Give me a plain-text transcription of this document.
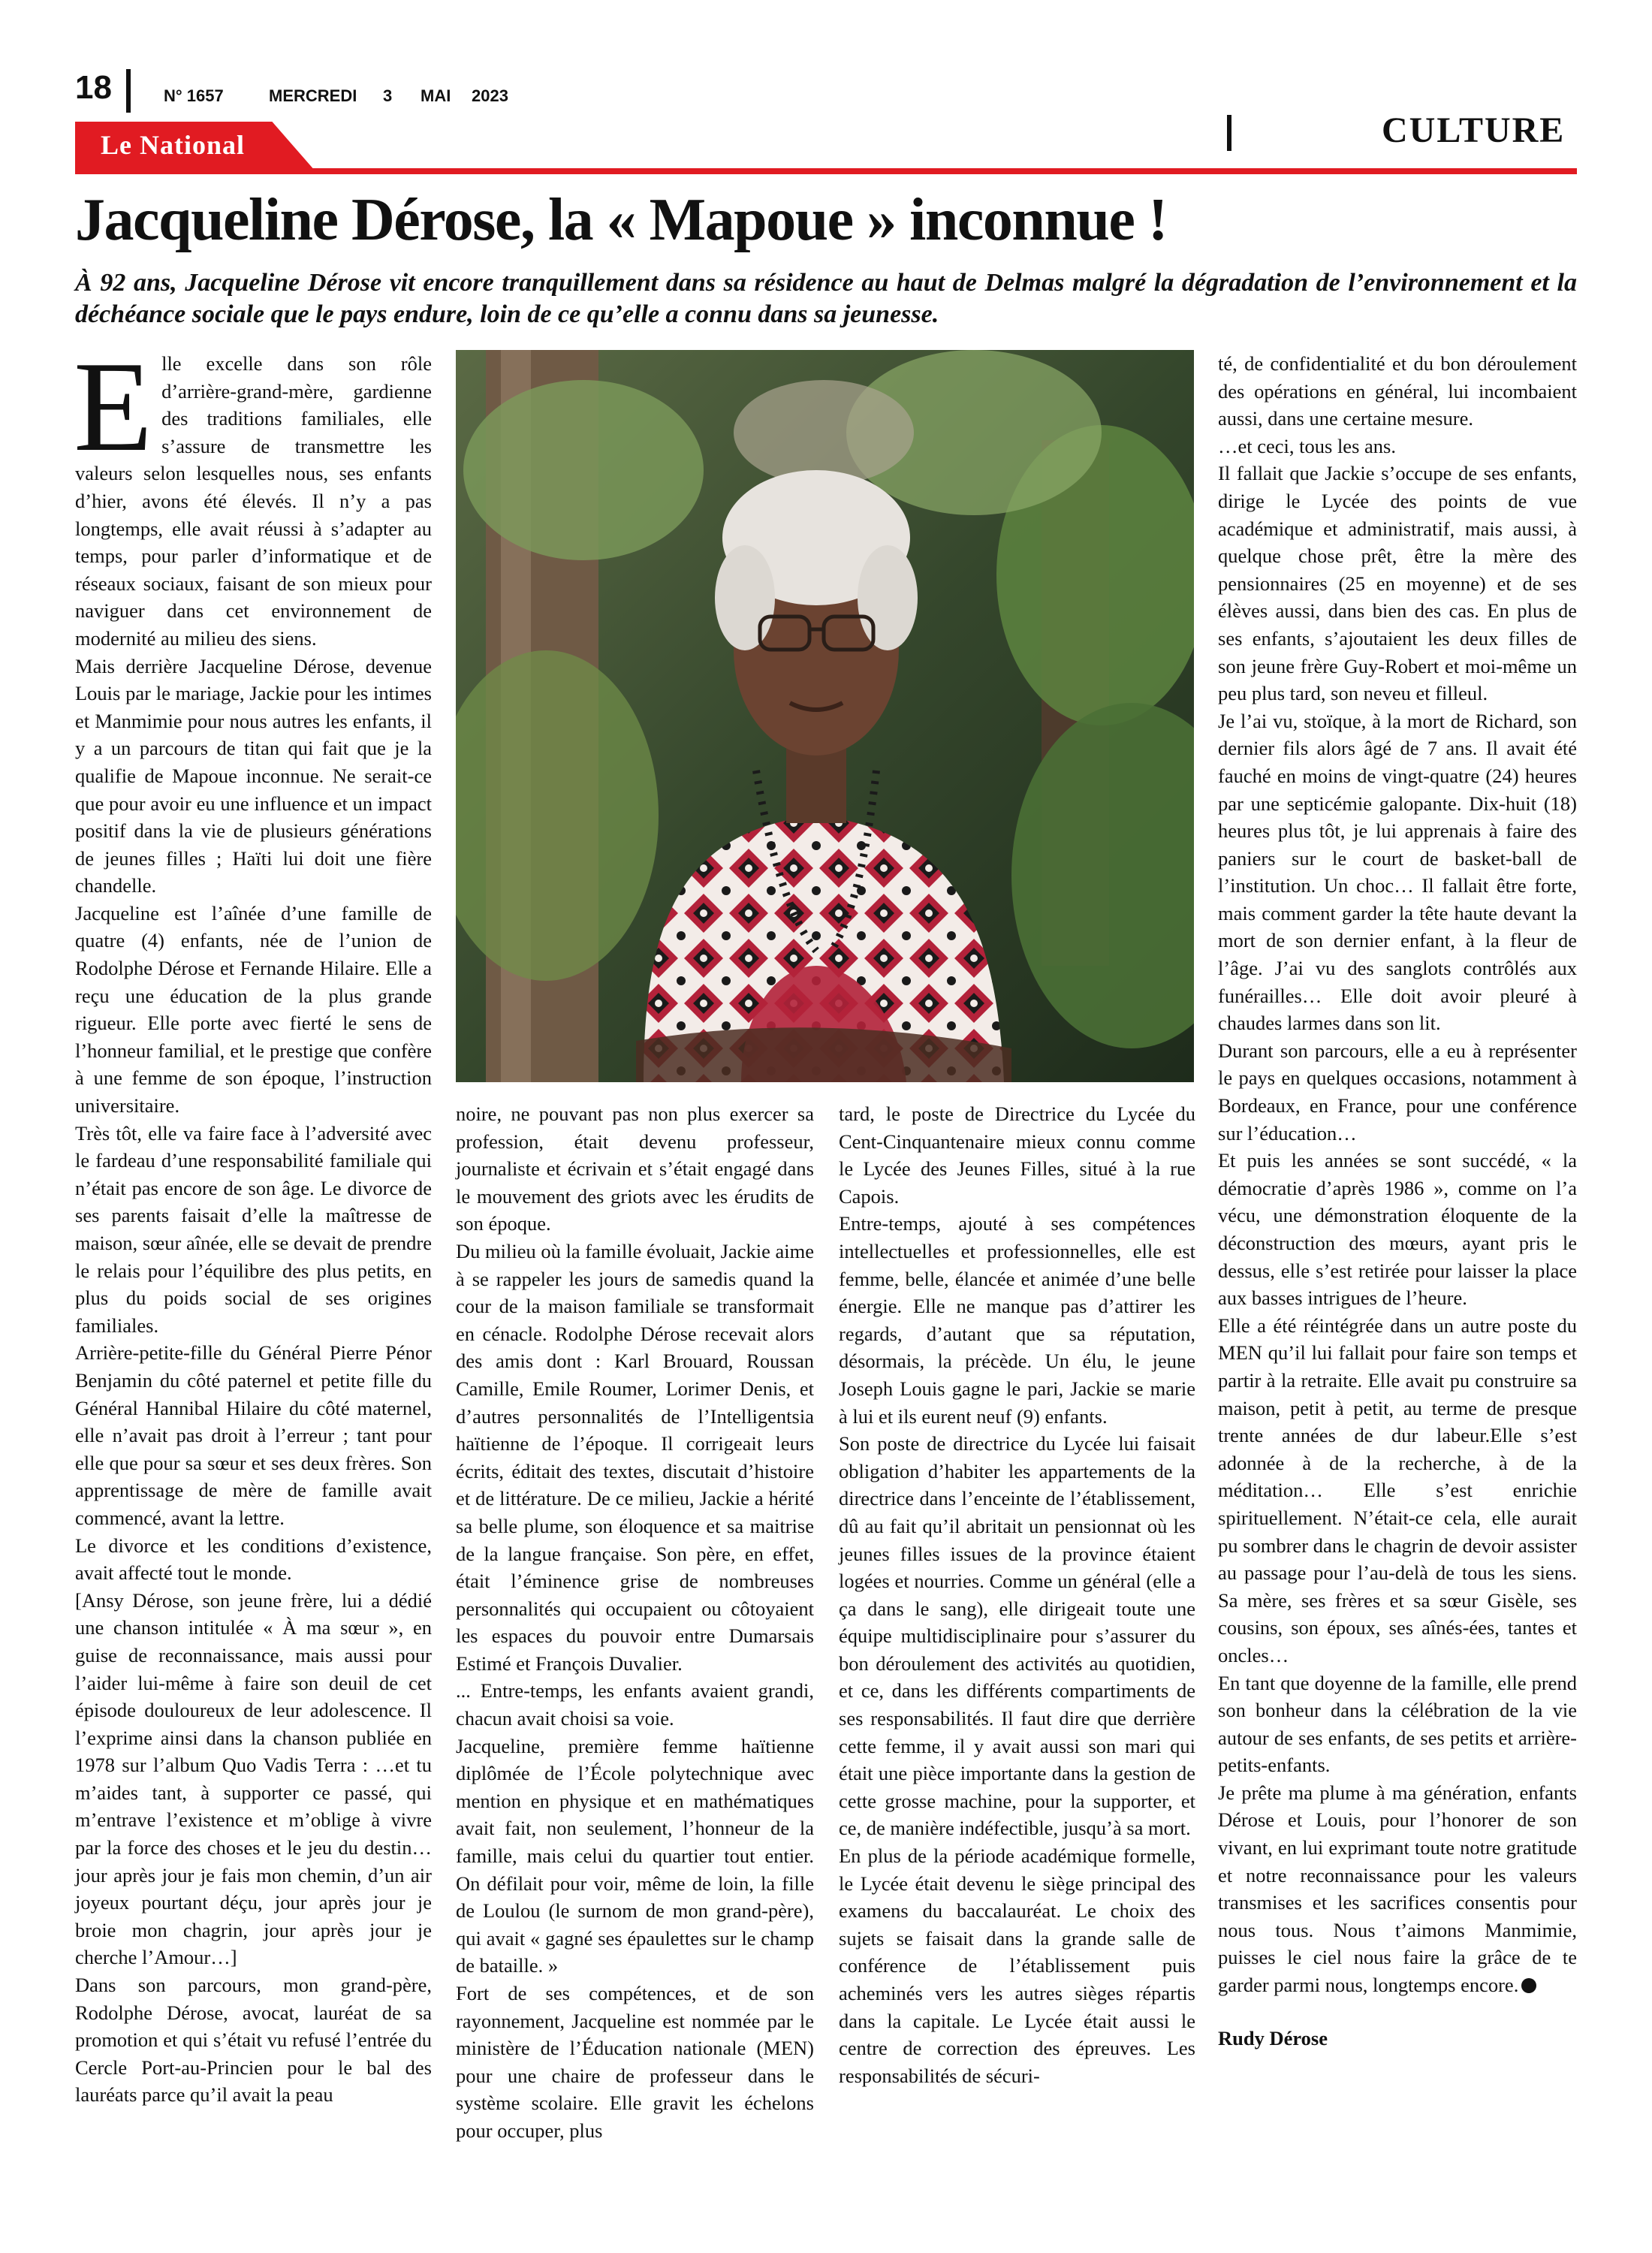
18	N° 1657	MERCREDI 3 MAI 2023
CULTURE
Le National
Jacqueline Dérose, la « Mapoue » inconnue !
À 92 ans, Jacqueline Dérose vit encore tranquillement dans sa résidence au haut de Delmas malgré la dégradation de l’environnement et la déchéance sociale que le pays endure, loin de ce qu’elle a connu dans sa jeunesse.

Elle excelle dans son rôle d’arrière-grand-mère, gardienne des traditions familiales, elle s’assure de transmettre les valeurs selon lesquelles nous, ses enfants d’hier, avons été élevés. Il n’y a pas longtemps, elle avait réussi à s’adapter au temps, pour parler d’informatique et de réseaux sociaux, faisant de son mieux pour naviguer dans cet environnement de modernité au milieu des siens.

Mais derrière Jacqueline Dérose, devenue Louis par le mariage, Jackie pour les intimes et Manmimie pour nous autres les enfants, il y a un parcours de titan qui fait que je la qualifie de Mapoue inconnue. Ne serait-ce que pour avoir eu une influence et un impact positif dans la vie de plusieurs générations de jeunes filles ; Haïti lui doit une fière chandelle.

Jacqueline est l’aînée d’une famille de quatre (4) enfants, née de l’union de Rodolphe Dérose et Fernande Hilaire. Elle a reçu une éducation de la plus grande rigueur. Elle porte avec fierté le sens de l’honneur familial, et le prestige que confère à une femme de son époque, l’instruction universitaire.

Très tôt, elle va faire face à l’adversité avec le fardeau d’une responsabilité familiale qui n’était pas encore de son âge. Le divorce de ses parents faisait d’elle la maîtresse de maison, sœur aînée, elle se devait de prendre le relais pour l’équilibre des plus petits, en plus du poids social de ses origines familiales.

Arrière-petite-fille du Général Pierre Pénor Benjamin du côté paternel et petite fille du Général Hannibal Hilaire du côté maternel, elle n’avait pas droit à l’erreur ; tant pour elle que pour sa sœur et ses deux frères. Son apprentissage de mère de famille avait commencé, avant la lettre.

Le divorce et les conditions d’existence, avait affecté tout le monde.

[Ansy Dérose, son jeune frère, lui a dédié une chanson intitulée « À ma sœur », en guise de reconnaissance, mais aussi pour l’aider lui-même à faire son deuil de cet épisode douloureux de leur adolescence. Il l’exprime ainsi dans la chanson publiée en 1978 sur l’album Quo Vadis Terra : …et tu m’aides tant, à supporter ce passé, qui m’entrave l’existence et m’oblige à vivre par la force des choses et le jeu du destin… jour après jour je fais mon chemin, d’un air joyeux pourtant déçu, jour après jour je broie mon chagrin, jour après jour je cherche l’Amour…]

Dans son parcours, mon grand-père, Rodolphe Dérose, avocat, lauréat de sa promotion et qui s’était vu refusé l’entrée du Cercle Port-au-Princien pour le bal des lauréats parce qu’il avait la peau

noire, ne pouvant pas non plus exercer sa profession, était devenu professeur, journaliste et écrivain et s’était engagé dans le mouvement des griots avec les érudits de son époque.

Du milieu où la famille évoluait, Jackie aime à se rappeler les jours de samedis quand la cour de la maison familiale se transformait en cénacle. Rodolphe Dérose recevait alors des amis dont : Karl Brouard, Roussan Camille, Emile Roumer, Lorimer Denis, et d’autres personnalités de l’Intelligentsia haïtienne de l’époque. Il corrigeait leurs écrits, éditait des textes, discutait d’histoire et de littérature. De ce milieu, Jackie a hérité sa belle plume, son éloquence et sa maitrise de la langue française. Son père, en effet, était l’éminence grise de nombreuses personnalités qui occupaient ou côtoyaient les espaces du pouvoir entre Dumarsais Estimé et François Duvalier.

... Entre-temps, les enfants avaient grandi, chacun avait choisi sa voie.

Jacqueline, première femme haïtienne diplômée de l’École polytechnique avec mention en physique et en mathématiques avait fait, non seulement, l’honneur de la famille, mais celui du quartier tout entier. On défilait pour voir, même de loin, la fille de Loulou (le surnom de mon grand-père), qui avait « gagné ses épaulettes sur le champ de bataille. »

Fort de ses compétences, et de son rayonnement, Jacqueline est nommée par le ministère de l’Éducation nationale (MEN) pour une chaire de professeur dans le système scolaire. Elle gravit les échelons pour occuper, plus

tard, le poste de Directrice du Lycée du Cent-Cinquantenaire mieux connu comme le Lycée des Jeunes Filles, situé à la rue Capois.

Entre-temps, ajouté à ses compétences intellectuelles et professionnelles, elle est femme, belle, élancée et animée d’une belle énergie. Elle ne manque pas d’attirer les regards, d’autant que sa réputation, désormais, la précède. Un élu, le jeune Joseph Louis gagne le pari, Jackie se marie à lui et ils eurent neuf (9) enfants.

Son poste de directrice du Lycée lui faisait obligation d’habiter les appartements de la directrice dans l’enceinte de l’établissement, dû au fait qu’il abritait un pensionnat où les jeunes filles issues de la province étaient logées et nourries. Comme un général (elle a ça dans le sang), elle dirigeait toute une équipe multidisciplinaire pour s’assurer du bon déroulement des activités au quotidien, et ce, dans les différents compartiments de ses responsabilités. Il faut dire que derrière cette femme, il y avait aussi son mari qui était une pièce importante dans la gestion de cette grosse machine, pour la supporter, et ce, de manière indéfectible, jusqu’à sa mort.

En plus de la période académique formelle, le Lycée était devenu le siège principal des examens du baccalauréat. Le choix des sujets se faisait dans la grande salle de conférence de l’établissement puis acheminés vers les autres sièges répartis dans la capitale. Le Lycée était aussi le centre de correction des épreuves. Les responsabilités de sécuri-

té, de confidentialité et du bon déroulement des opérations en général, lui incombaient aussi, dans une certaine mesure.

…et ceci, tous les ans.

Il fallait que Jackie s’occupe de ses enfants, dirige le Lycée des points de vue académique et administratif, mais aussi, à quelque chose prêt, être la mère des pensionnaires (25 en moyenne) et de ses élèves aussi, dans bien des cas. En plus de ses enfants, s’ajoutaient les deux filles de son jeune frère Guy-Robert et moi-même un peu plus tard, son neveu et filleul.

Je l’ai vu, stoïque, à la mort de Richard, son dernier fils alors âgé de 7 ans. Il avait été fauché en moins de vingt-quatre (24) heures par une septicémie galopante. Dix-huit (18) heures plus tôt, je lui apprenais à faire des paniers sur le court de basket-ball de l’institution. Un choc… Il fallait être forte, mais comment garder la tête haute devant la mort de son dernier enfant, à la fleur de l’âge. J’ai vu des sanglots contrôlés aux funérailles… Elle doit avoir pleuré à chaudes larmes dans son lit.

Durant son parcours, elle a eu à représenter le pays en quelques occasions, notamment à Bordeaux, en France, pour une conférence sur l’éducation…

Et puis les années se sont succédé, « la démocratie d’après 1986 », comme on l’a vécu, une démonstration éloquente de la déconstruction des mœurs, ayant pris le dessus, elle s’est retirée pour laisser la place aux basses intrigues de l’heure.

Elle a été réintégrée dans un autre poste du MEN qu’il lui fallait pour faire son temps et partir à la retraite. Elle avait pu construire sa maison, petit à petit, au terme de presque trente années de dur labeur.Elle s’est adonnée à de la recherche, à de la méditation… Elle s’est enrichie spirituellement. N’était-ce cela, elle aurait pu sombrer dans le chagrin de devoir assister au passage pour l’au-delà de tous les siens. Sa mère, ses frères et sa sœur Gisèle, ses cousins, son époux, ses aînés-ées, tantes et oncles…

En tant que doyenne de la famille, elle prend son bonheur dans la célébration de la vie autour de ses enfants, de ses petits et arrière-petits-enfants.

Je prête ma plume à ma génération, enfants Dérose et Louis, pour l’honorer de son vivant, en lui exprimant toute notre gratitude et notre reconnaissance pour les valeurs transmises et les sacrifices consentis pour nous tous. Nous t’aimons Manmimie, puisses le ciel nous faire la grâce de te garder parmi nous, longtemps encore.

Rudy Dérose
